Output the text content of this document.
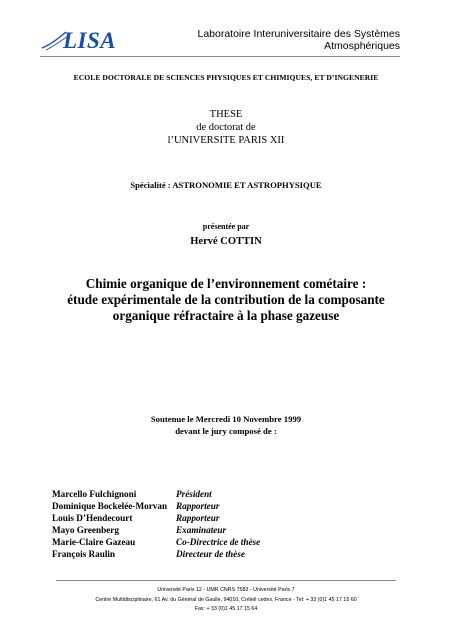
LISA	Laboratoire Interuniversitaire des Systèmes
Atmosphériques
ECOLE DOCTORALE DE SCIENCES PHYSIQUES ET CHIMIQUES, ET D’INGENERIE
THESE
de doctorat de
l’UNIVERSITE PARIS XII
Spécialité : ASTRONOMIE ET ASTROPHYSIQUE
présentée par
Hervé COTTIN
Chimie organique de l’environnement cométaire :
étude expérimentale de la contribution de la composante
organique réfractaire à la phase gazeuse
Soutenue le Mercredi 10 Novembre 1999
devant le jury composé de :
Marcello Fulchignoni	Président
Dominique Bockelée-Morvan Rapporteur
Louis D’Hendecourt	Rapporteur
Mayo Greenberg	Examinateur
Marie-Claire Gazeau	Co-Directrice de thèse
François Raulin	Directeur de thèse
Université Paris 12 - UMR CNRS 7583 - Université Paris 7
Centre Multidisciplinaire, 61 Av. du Général de Gaulle, 94010, Créteil cedex, France - Tel: + 33 (0)1 45 17 15 60
Fax: + 33 (0)1 45 17 15 64
